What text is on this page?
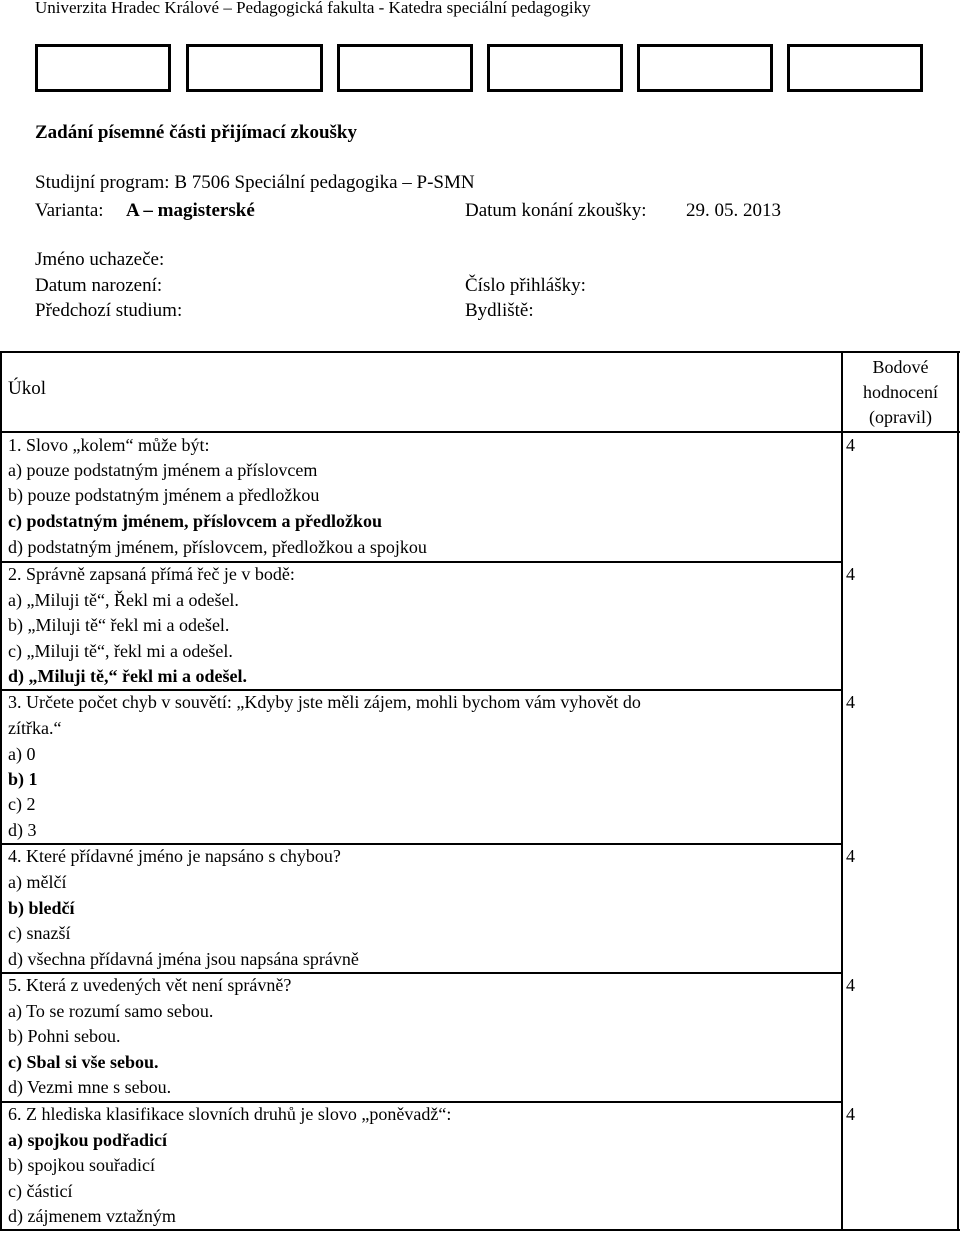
Univerzita Hradec Králové – Pedagogická fakulta - Katedra speciální pedagogiky
Zadání písemné části přijímací zkoušky
Studijní program: B 7506 Speciální pedagogika – P-SMN
Varianta: A – magisterské	Datum konání zkoušky: 29. 05. 2013
Jméno uchazeče:
Datum narození:	Číslo přihlášky:
Předchozí studium:	Bydliště:
Úkol
Bodové
hodnocení
(opravil)
1. Slovo „kolem“ může být:	4
a) pouze podstatným jménem a příslovcem
b) pouze podstatným jménem a předložkou
c) podstatným jménem, příslovcem a předložkou
d) podstatným jménem, příslovcem, předložkou a spojkou
2. Správně zapsaná přímá řeč je v bodě:	4
a) „Miluji tě“, Řekl mi a odešel.
b) „Miluji tě“ řekl mi a odešel.
c) „Miluji tě“, řekl mi a odešel.
d) „Miluji tě,“ řekl mi a odešel.
3. Určete počet chyb v souvětí: „Kdyby jste měli zájem, mohli bychom vám vyhovět do
zítřka.“
4
a) 0
b) 1
c) 2
d) 3
4. Které přídavné jméno je napsáno s chybou?	4
a) mělčí
b) bledčí
c) snazší
d) všechna přídavná jména jsou napsána správně
5. Která z uvedených vět není správně?	4
a) To se rozumí samo sebou.
b) Pohni sebou.
c) Sbal si vše sebou.
d) Vezmi mne s sebou.
6. Z hlediska klasifikace slovních druhů je slovo „poněvadž“:	4
a) spojkou podřadicí
b) spojkou souřadicí
c) částicí
d) zájmenem vztažným
